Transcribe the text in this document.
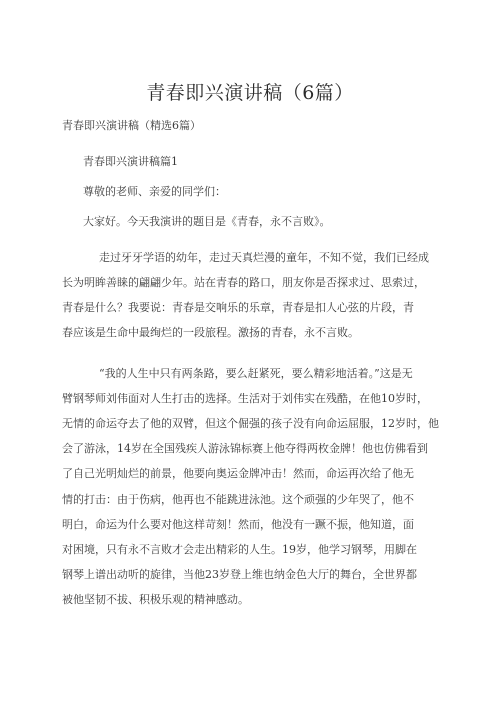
青春即兴演讲稿（6篇）
青春即兴演讲稿（精选6篇）
青春即兴演讲稿篇1
尊敬的老师、亲爱的同学们：
大家好。今天我演讲的题目是《青春，永不言败》。
走过牙牙学语的幼年，走过天真烂漫的童年，不知不觉，我们已经成
长为明眸善睐的翩翩少年。站在青春的路口，朋友你是否探求过、思索过，
青春是什么？我要说：青春是交响乐的乐章，青春是扣人心弦的片段，青
春应该是生命中最绚烂的一段旅程。激扬的青春，永不言败。
“我的人生中只有两条路，要么赶紧死，要么精彩地活着。”这是无
臂钢琴师刘伟面对人生打击的选择。生活对于刘伟实在残酷，在他10岁时，
无情的命运夺去了他的双臂，但这个倔强的孩子没有向命运屈服，12岁时，他
会了游泳，14岁在全国残疾人游泳锦标赛上他夺得两枚金牌！他也仿佛看到
了自己光明灿烂的前景，他要向奥运金牌冲击！然而，命运再次给了他无
情的打击：由于伤病，他再也不能跳进泳池。这个顽强的少年哭了，他不
明白，命运为什么要对他这样苛刻！然而，他没有一蹶不振，他知道，面
对困境，只有永不言败才会走出精彩的人生。19岁，他学习钢琴，用脚在
钢琴上谱出动听的旋律，当他23岁登上维也纳金色大厅的舞台，全世界都
被他坚韧不拔、积极乐观的精神感动。
